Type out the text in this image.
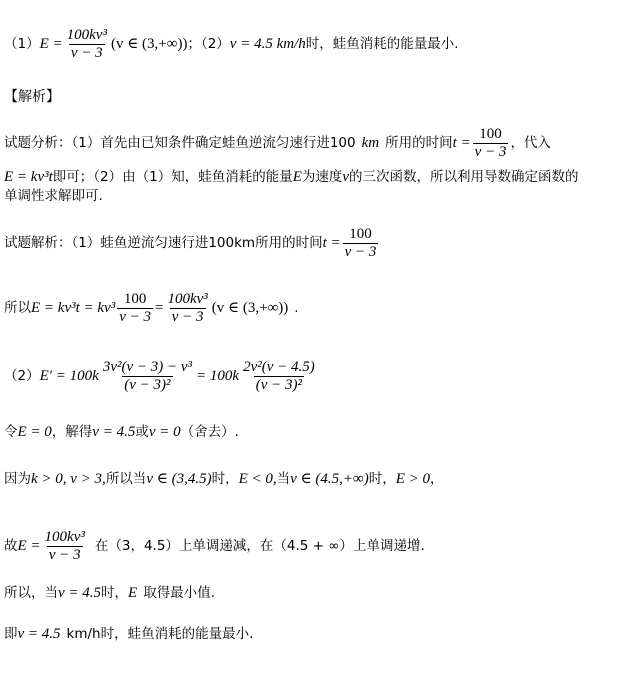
（1） $E = \frac{\text{100kv³}}{v - 3} (v$ ∈ (3,+∞)) ；（2） v = 4.5 km/h 时，蛙鱼消耗的能量最小.
【解析】
试题分析：（1）首先由已知条件确定蛙鱼逆流匀速行进100 km 所用的时间 $t = \frac{100}{v - 3}$ ，代入
E = kv³t 即可；（2）由（1）知，蛙鱼消耗的能量 E 为速度 v 的三次函数，所以利用导数确定函数的
单调性求解即可.
试题解析：（1）蛙鱼逆流匀速行进100km所用的时间 $t = \frac{100}{v - 3}$
所以 $E = kv^3t = kv^3 \frac{100}{v - 3} = \frac{\text{100kv³}}{v - 3} (v$ ∈ (3,+∞)) .
（2） $E' = 100k \frac{\text{3v²(v − 3) − v³}}{\text{(v − 3)²}} = 100k \frac{\text{2v²(v − 4.5)}}{\text{(v − 3)²}}$
令 E = 0 ，解得 v = 4.5 或 v = 0 （舍去）.
因为 k > 0, v > 3, 所以当 v ∈ (3,4.5) 时， E < 0, 当 v ∈ (4.5,+∞) 时， E > 0 ，
故 $E = \frac{\text{100kv³}}{v - 3}$ 在（3，4.5）上单调递减，在（4.5 + ∞）上单调递增.
所以，当 v = 4.5 时， E 取得最小值.
即 v = 4.5 km/h时，蛙鱼消耗的能量最小.
